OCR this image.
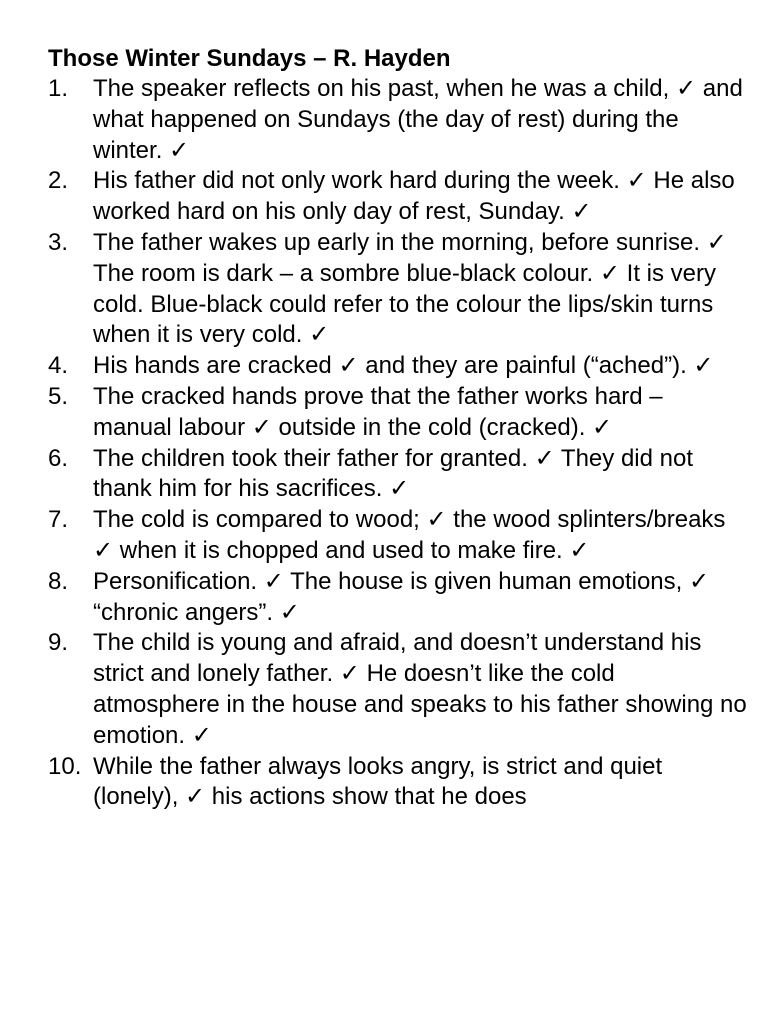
Those Winter Sundays – R. Hayden
1. The speaker reflects on his past, when he was a child, ✓ and what happened on Sundays (the day of rest) during the winter. ✓
2. His father did not only work hard during the week. ✓ He also worked hard on his only day of rest, Sunday. ✓
3. The father wakes up early in the morning, before sunrise. ✓ The room is dark – a sombre blue-black colour. ✓ It is very cold. Blue-black could refer to the colour the lips/skin turns when it is very cold. ✓
4. His hands are cracked ✓ and they are painful (“ached”). ✓
5. The cracked hands prove that the father works hard – manual labour ✓ outside in the cold (cracked). ✓
6. The children took their father for granted. ✓ They did not thank him for his sacrifices. ✓
7. The cold is compared to wood; ✓ the wood splinters/breaks ✓ when it is chopped and used to make fire. ✓
8. Personification. ✓ The house is given human emotions, ✓ “chronic angers”. ✓
9. The child is young and afraid, and doesn’t understand his strict and lonely father. ✓ He doesn’t like the cold atmosphere in the house and speaks to his father showing no emotion. ✓
10. While the father always looks angry, is strict and quiet (lonely), ✓ his actions show that he does
